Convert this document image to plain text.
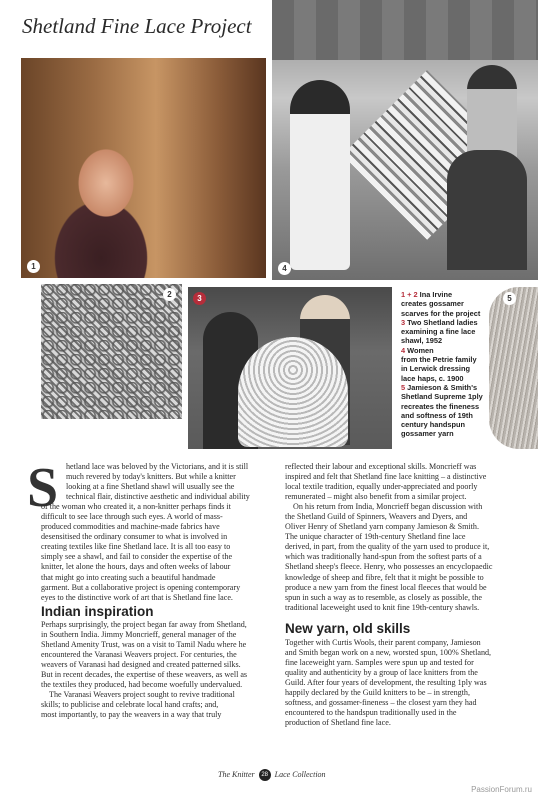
Shetland Fine Lace Project
1	4
2	3	5
1 + 2 Ina Irvine
creates gossamer
scarves for the project
3 Two Shetland ladies
examining a fine lace
shawl, 1952
4 Women
from the Petrie family
in Lerwick dressing
lace haps, c. 1900
5 Jamieson & Smith's
Shetland Supreme 1ply
recreates the fineness
and softness of 19th
century handspun
gossamer yarn
S hetland lace was beloved by the Victorians, and it is still
much revered by today's knitters. But while a knitter
looking at a fine Shetland shawl will usually see the
technical flair, distinctive aesthetic and individual ability
of the woman who created it, a non-knitter perhaps finds it
difficult to see lace through such eyes. A world of mass-
produced commodities and machine-made fabrics have
desensitised the ordinary consumer to what is involved in
creating textiles like fine Shetland lace. It is all too easy to
simply see a shawl, and fail to consider the expertise of the
knitter, let alone the hours, days and often weeks of labour
that might go into creating such a beautiful handmade
garment. But a collaborative project is opening contemporary
eyes to the distinctive work of art that is Shetland fine lace.
Indian inspiration
Perhaps surprisingly, the project began far away from Shetland,
in Southern India. Jimmy Moncrieff, general manager of the
Shetland Amenity Trust, was on a visit to Tamil Nadu where he
encountered the Varanasi Weavers project. For centuries, the
weavers of Varanasi had designed and created patterned silks.
But in recent decades, the expertise of these weavers, as well as
the textiles they produced, had become woefully undervalued.
The Varanasi Weavers project sought to revive traditional
skills; to publicise and celebrate local hand crafts; and,
most importantly, to pay the weavers in a way that truly
reflected their labour and exceptional skills. Moncrieff was
inspired and felt that Shetland fine lace knitting – a distinctive
local textile tradition, equally under-appreciated and poorly
remunerated – might also benefit from a similar project.
On his return from India, Moncrieff began discussion with
the Shetland Guild of Spinners, Weavers and Dyers, and
Oliver Henry of Shetland yarn company Jamieson & Smith.
The unique character of 19th-century Shetland fine lace
derived, in part, from the quality of the yarn used to produce it,
which was traditionally hand-spun from the softest parts of a
Shetland sheep's fleece. Henry, who possesses an encyclopaedic
knowledge of sheep and fibre, felt that it might be possible to
produce a new yarn from the finest local fleeces that would be
spun in such a way as to resemble, as closely as possible, the
traditional laceweight used to knit fine 19th-century shawls.
New yarn, old skills
Together with Curtis Wools, their parent company, Jamieson
and Smith began work on a new, worsted spun, 100% Shetland,
fine laceweight yarn. Samples were spun up and tested for
quality and authenticity by a group of lace knitters from the
Guild. After four years of development, the resulting 1ply was
happily declared by the Guild knitters to be – in strength,
softness, and gossamer-fineness – the closest yarn they had
encountered to the handspun traditionally used in the
production of Shetland fine lace.
The Knitter 28 Lace Collection
PassionForum.ru
